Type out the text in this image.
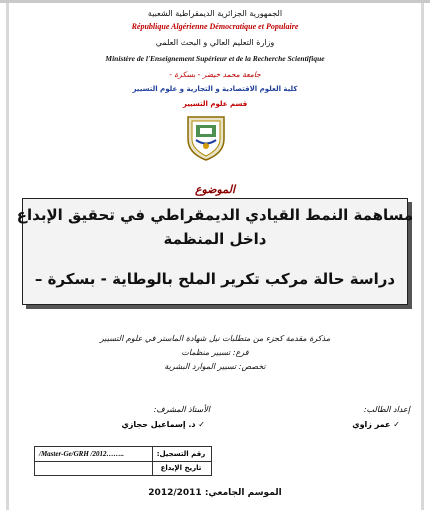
الجمهورية الجزائرية الديمقراطية الشعبية
République Algérienne Démocratique et Populaire
وزارة التعليم العالي و البحث العلمي
Ministère de l'Enseignement Supérieur et de la Recherche Scientifique
جامعة محمد خيضر - بسكرة -
كلية العلوم الاقتصادية و التجارية و علوم التسيير
قسم علوم التسيير
الموضوع
مساهمة النمط القيادي الديمقراطي في تحقيق الإبداع
داخل المنظمة
دراسة حالة مركب تكرير الملح بالوطاية - بسكرة –
مذكرة مقدمة كجزء من متطلبات نيل شهادة الماستر في علوم التسيير
فرع: تسيير منظمات
تخصص: تسيير الموارد البشرية
إعداد الطالب:
✓ عمر زاوي
الأستاذ المشرف:
✓ د. إسماعيل حجازي
رقم التسجيل:
/Master-Ge/GRH /2012……..
تاريخ الإيداع
الموسم الجامعي: 2012/2011
